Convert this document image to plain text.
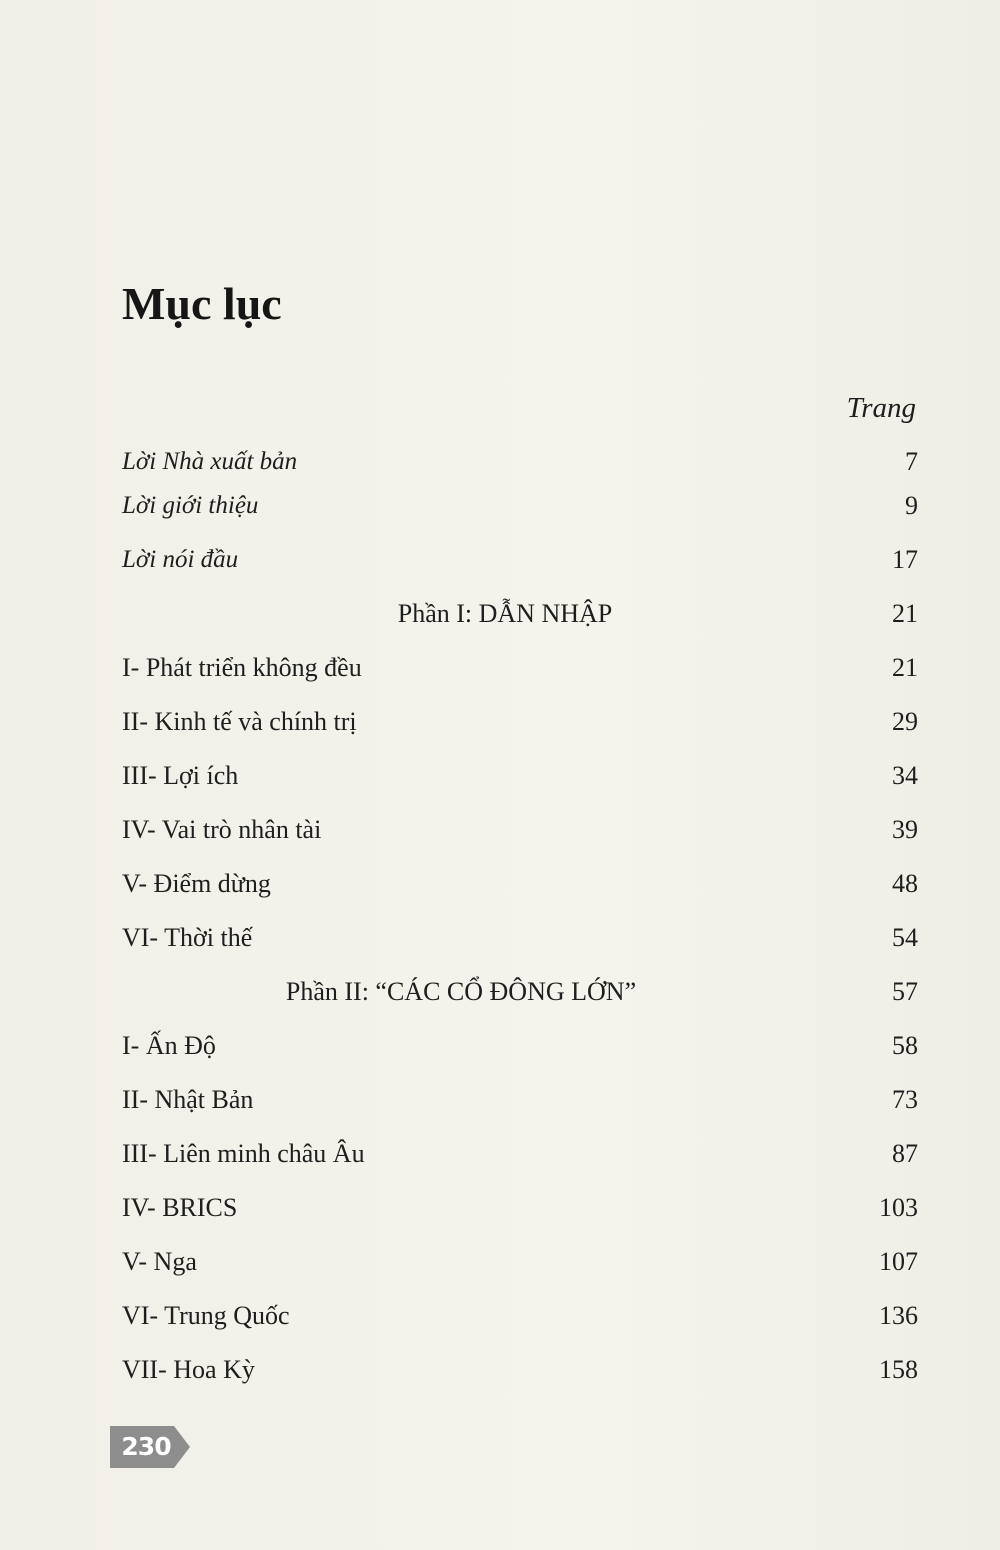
Mục lục
Trang
Lời Nhà xuất bản	7
Lời giới thiệu	9
Lời nói đầu	17
Phần I: DẪN NHẬP	21
I- Phát triển không đều	21
II- Kinh tế và chính trị	29
III- Lợi ích	34
IV- Vai trò nhân tài	39
V- Điểm dừng	48
VI- Thời thế	54
Phần II: “CÁC CỔ ĐÔNG LỚN”	57
I- Ấn Độ	58
II- Nhật Bản	73
III- Liên minh châu Âu	87
IV- BRICS	103
V- Nga	107
VI- Trung Quốc	136
VII- Hoa Kỳ	158
230
